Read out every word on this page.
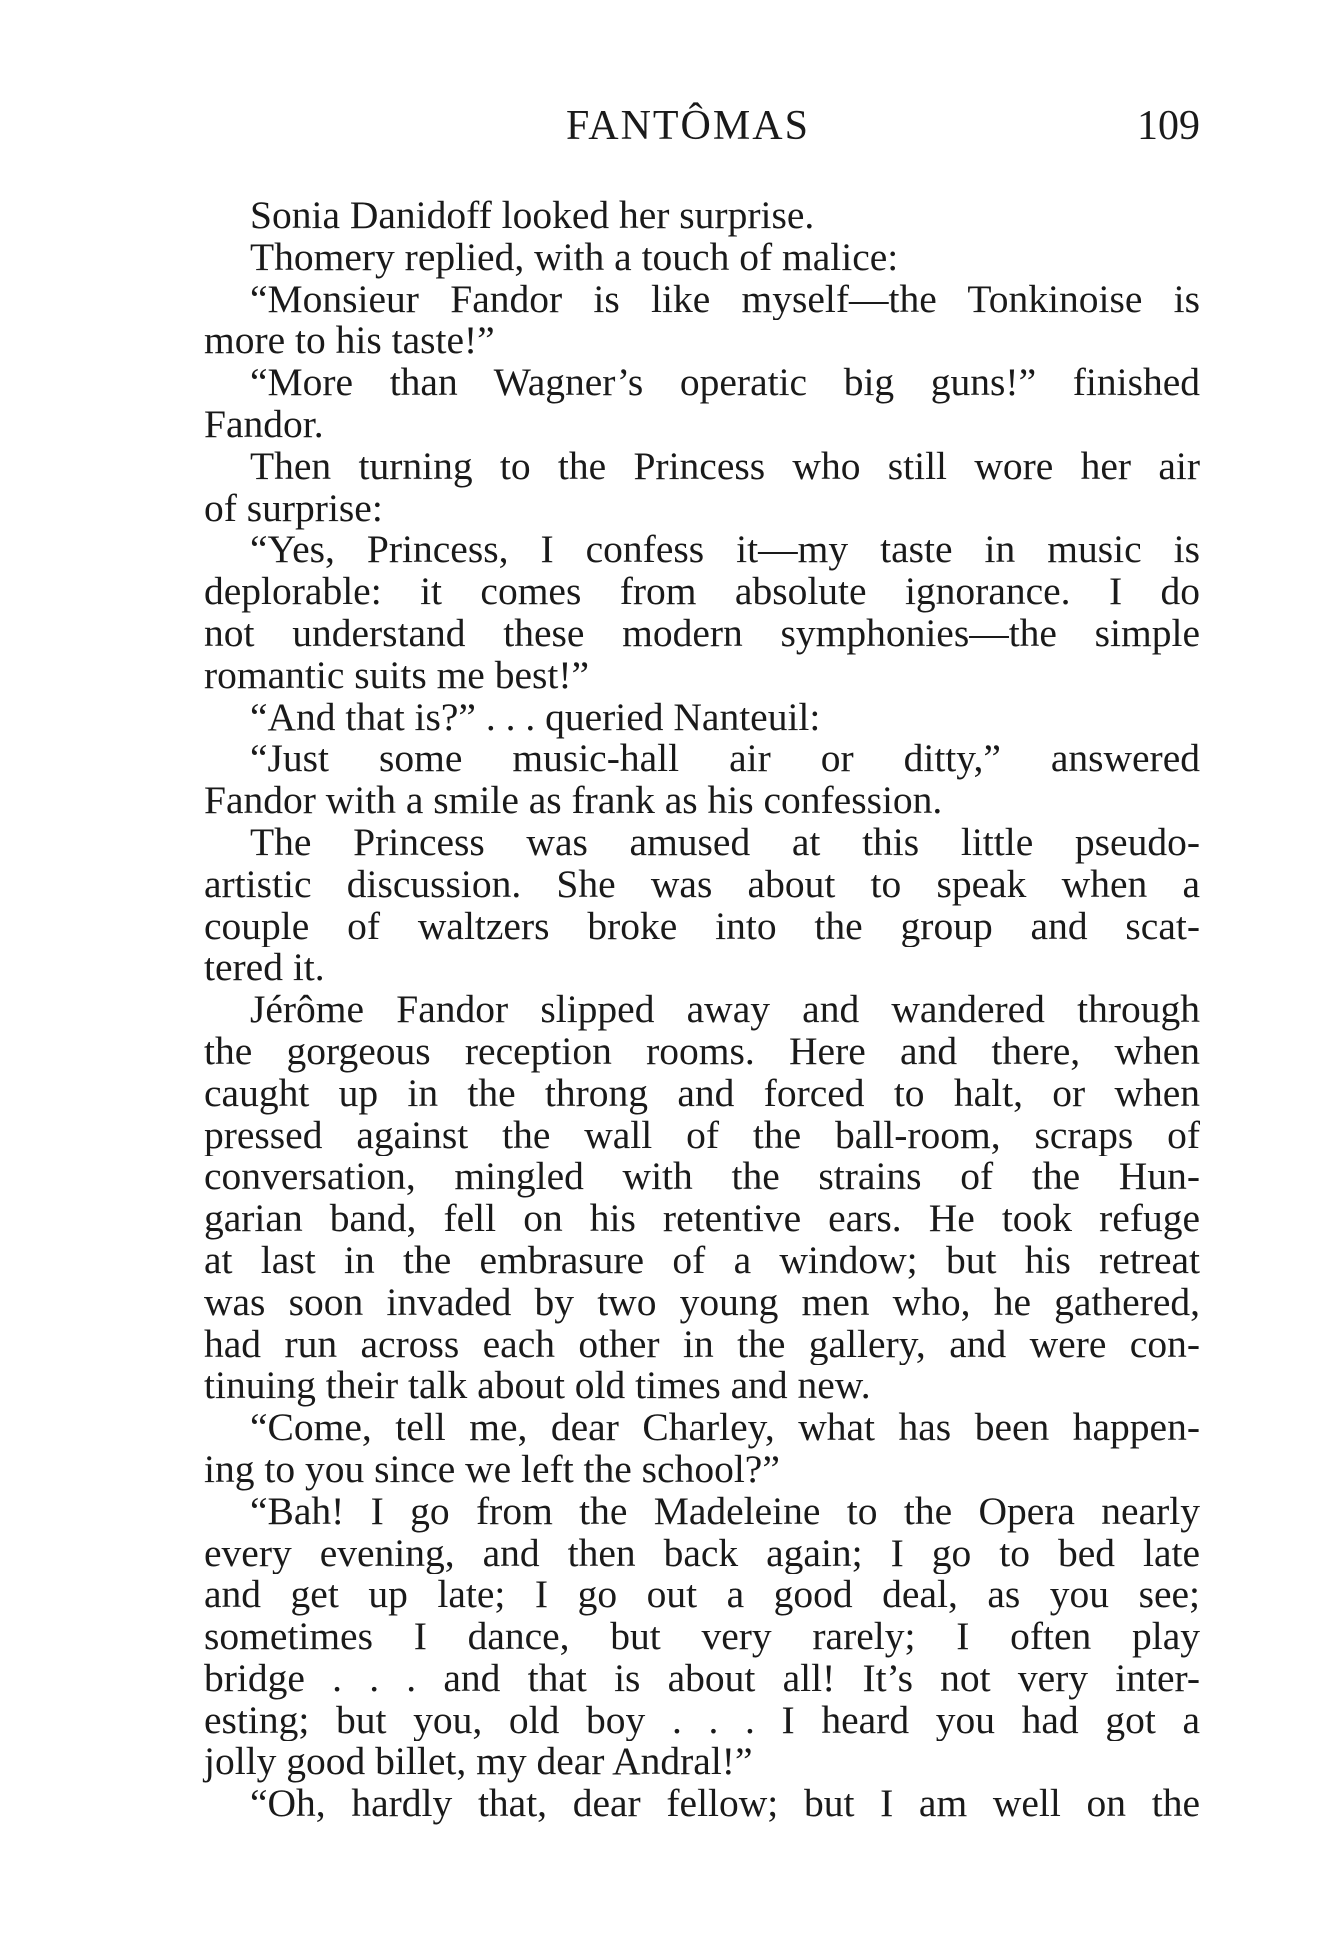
FANTÔMAS	109
Sonia Danidoff looked her surprise.
Thomery replied, with a touch of malice:
“Monsieur Fandor is like myself—the Tonkinoise is
more to his taste!”
“More than Wagner’s operatic big guns!” finished
Fandor.
Then turning to the Princess who still wore her air
of surprise:
“Yes, Princess, I confess it—my taste in music is
deplorable: it comes from absolute ignorance. I do
not understand these modern symphonies—the simple
romantic suits me best!”
“And that is?” . . . queried Nanteuil:
“Just some music-hall air or ditty,” answered
Fandor with a smile as frank as his confession.
The Princess was amused at this little pseudo-
artistic discussion. She was about to speak when a
couple of waltzers broke into the group and scat-
tered it.
Jérôme Fandor slipped away and wandered through
the gorgeous reception rooms. Here and there, when
caught up in the throng and forced to halt, or when
pressed against the wall of the ball-room, scraps of
conversation, mingled with the strains of the Hun-
garian band, fell on his retentive ears. He took refuge
at last in the embrasure of a window; but his retreat
was soon invaded by two young men who, he gathered,
had run across each other in the gallery, and were con-
tinuing their talk about old times and new.
“Come, tell me, dear Charley, what has been happen-
ing to you since we left the school?”
“Bah! I go from the Madeleine to the Opera nearly
every evening, and then back again; I go to bed late
and get up late; I go out a good deal, as you see;
sometimes I dance, but very rarely; I often play
bridge . . . and that is about all! It’s not very inter-
esting; but you, old boy . . . I heard you had got a
jolly good billet, my dear Andral!”
“Oh, hardly that, dear fellow; but I am well on the
